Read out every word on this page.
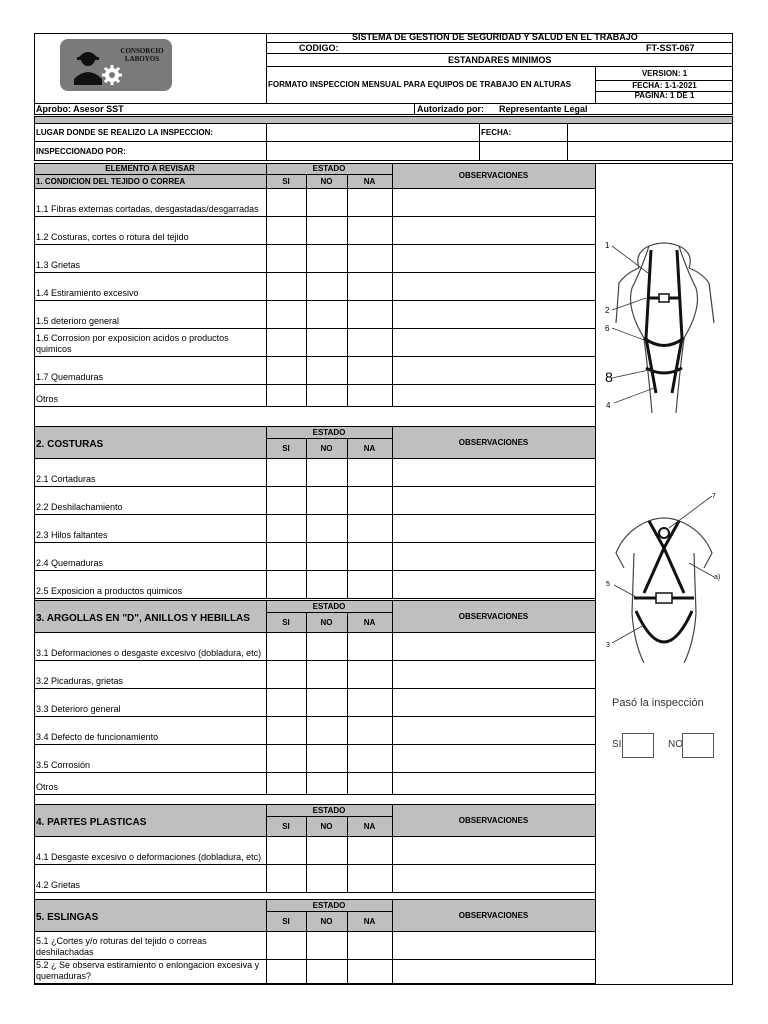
CONSORCIO
LABOYOS
SISTEMA DE GESTION DE SEGURIDAD Y SALUD EN EL TRABAJO
CODIGO:	FT-SST-067
ESTANDARES MINIMOS
FORMATO INSPECCION MENSUAL PARA EQUIPOS DE TRABAJO EN ALTURAS
VERSION: 1
FECHA: 1-1-2021
PAGINA: 1 DE 1
Aprobo: Asesor SST	Autorizado por: Representante Legal
LUGAR DONDE SE REALIZO LA INSPECCION:	FECHA:
INSPECCIONADO POR:
ELEMENTO A REVISAR
1. CONDICION DEL TEJIDO O CORREA
ESTADO
SI	NO	NA
OBSERVACIONES
1.1 Fibras externas cortadas, desgastadas/desgarradas
1.2 Costuras, cortes o rotura del tejido
1.3 Grietas
1.4 Estiramiento excesivo
1.5 deterioro general
1.6 Corrosion por exposicion acidos o productos quimicos
1.7 Quemaduras
Otros
2. COSTURAS
ESTADO
SI	NO	NA
OBSERVACIONES
2.1 Cortaduras
2.2 Deshilachamiento
2.3 Hilos faltantes
2.4 Quemaduras
2.5 Exposicion a productos quimicos
3. ARGOLLAS EN "D", ANILLOS Y HEBILLAS
ESTADO
SI	NO	NA
OBSERVACIONES
3.1 Deformaciones o desgaste excesivo (dobladura, etc)
3.2 Picaduras, grietas
3.3 Deterioro general
3.4 Defecto de funcionamiento
3.5 Corrosión
Otros
4. PARTES PLASTICAS
ESTADO
SI	NO	NA
OBSERVACIONES
4.1 Desgaste excesivo o deformaciones (dobladura, etc)
4.2 Grietas
5. ESLINGAS
ESTADO
SI	NO	NA
OBSERVACIONES
5.1 ¿Cortes y/o roturas del tejido o correas deshilachadas
5.2 ¿ Se observa estiramiento o enlongacion excesiva y quemaduras?
1
2
6
8
4
7
5
a)
3
Pasó la inspección
SI	NO
